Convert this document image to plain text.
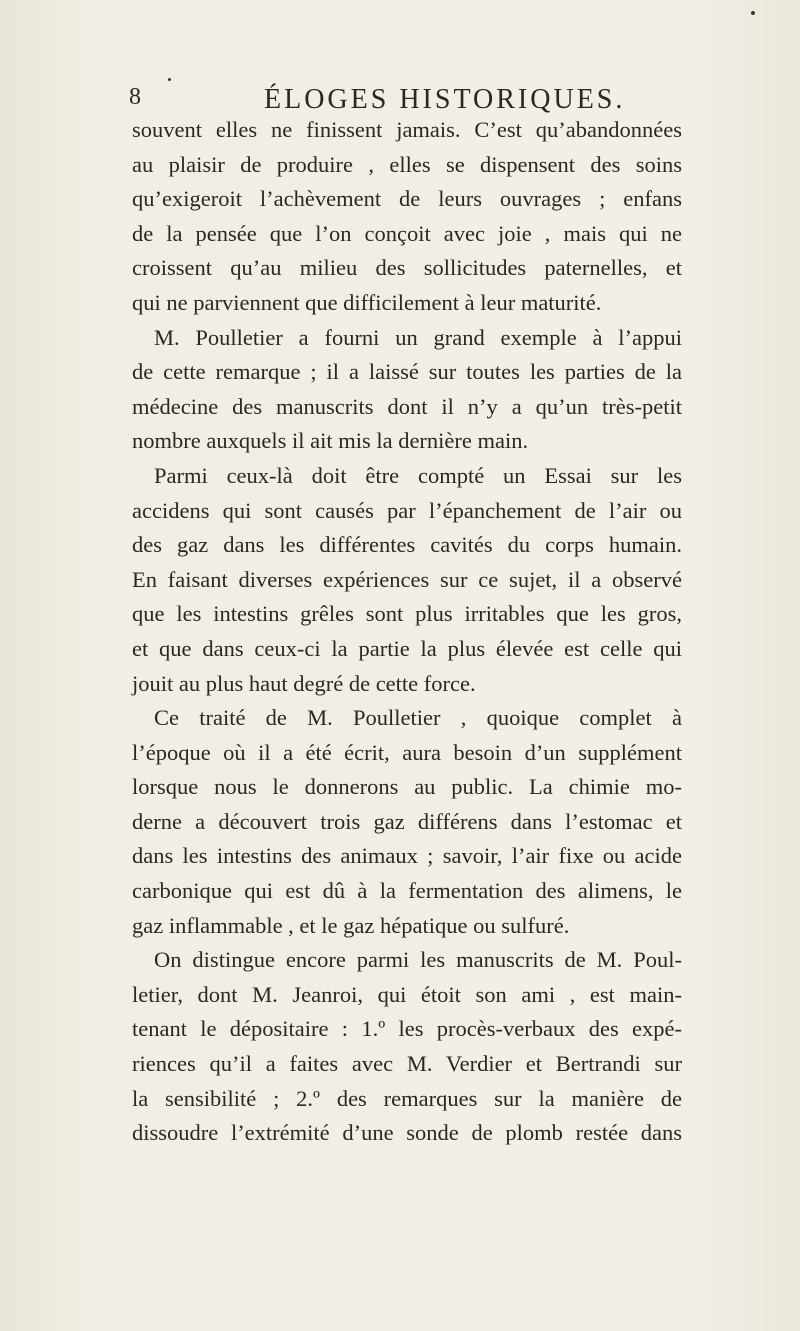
8	ÉLOGES HISTORIQUES.
souvent elles ne finissent jamais. C’est qu’abandonnées
au plaisir de produire , elles se dispensent des soins
qu’exigeroit l’achèvement de leurs ouvrages ; enfans
de la pensée que l’on conçoit avec joie , mais qui ne
croissent qu’au milieu des sollicitudes paternelles, et
qui ne parviennent que difficilement à leur maturité.
M. Poulletier a fourni un grand exemple à l’appui
de cette remarque ; il a laissé sur toutes les parties de la
médecine des manuscrits dont il n’y a qu’un très-petit
nombre auxquels il ait mis la dernière main.
Parmi ceux-là doit être compté un Essai sur les
accidens qui sont causés par l’épanchement de l’air ou
des gaz dans les différentes cavités du corps humain.
En faisant diverses expériences sur ce sujet, il a observé
que les intestins grêles sont plus irritables que les gros,
et que dans ceux-ci la partie la plus élevée est celle qui
jouit au plus haut degré de cette force.
Ce traité de M. Poulletier , quoique complet à
l’époque où il a été écrit, aura besoin d’un supplément
lorsque nous le donnerons au public. La chimie mo-
derne a découvert trois gaz différens dans l’estomac et
dans les intestins des animaux ; savoir, l’air fixe ou acide
carbonique qui est dû à la fermentation des alimens, le
gaz inflammable , et le gaz hépatique ou sulfuré.
On distingue encore parmi les manuscrits de M. Poul-
letier, dont M. Jeanroi, qui étoit son ami , est main-
tenant le dépositaire : 1.º les procès-verbaux des expé-
riences qu’il a faites avec M. Verdier et Bertrandi sur
la sensibilité ; 2.º des remarques sur la manière de
dissoudre l’extrémité d’une sonde de plomb restée dans
